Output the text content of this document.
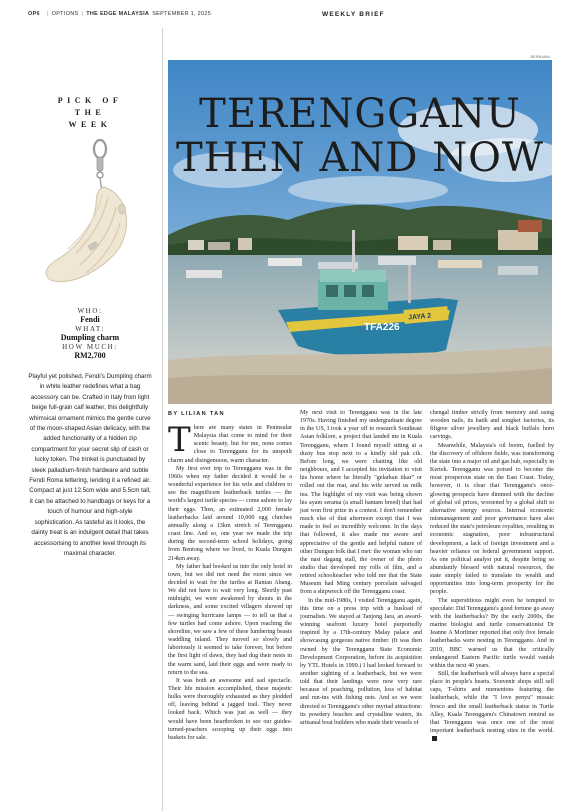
OP6 | OPTIONS | THE EDGE MALAYSIA SEPTEMBER 1, 2025	WEEKLY BRIEF
PICK OF
THE
WEEK
WHO:
Fendi
WHAT:
Dumpling charm
HOW MUCH:
RM2,700
Playful yet polished, Fendi's Dumpling charm in white leather redefines what a bag accessory can be. Crafted in Italy from light beige full-grain calf leather, this delightfully whimsical ornament mimics the gentle curve of the moon-shaped Asian delicacy, with the added functionality of a hidden zip compartment for your secret slip of cash or lucky token. The trinket is punctuated by sleek palladium-finish hardware and subtle Fendi Roma lettering, lending it a refined air. Compact at just 12.5cm wide and 5.5cm tall, it can be attached to handbags or keys for a touch of humour and high-style sophistication. As tasteful as it looks, the dainty treat is an indulgent detail that takes accessorising to another level through its maximal character.
BERNAMA
TFA226
JAYA 2
TERENGGANU
THEN AND NOW
BY LILIAN TAN

There are many states in Peninsular Malaysia that come to mind for their scenic beauty, but for me, none comes close to Terengganu for its unspoilt charm and disingenuous, warm character.

My first ever trip to Terengganu was in the 1960s when my father decided it would be a wonderful experience for his wife and children to see the magnificent leatherback turtles — the world's largest turtle species — come ashore to lay their eggs. Then, an estimated 2,000 female leatherbacks laid around 10,000 egg clutches annually along a 13km stretch of Terengganu coast line. And so, one year we made the trip during the second-term school holidays, going from Bentong where we lived, to Kuala Dungun 214km away.

My father had booked us into the only hotel in town, but we did not need the room since we decided to wait for the turtles at Rantau Abang. We did not have to wait very long. Shortly past midnight, we were awakened by shouts in the darkness, and some excited villagers showed up — swinging hurricane lamps — to tell us that a few turtles had come ashore. Upon reaching the shoreline, we saw a few of these lumbering beasts waddling inland. They moved so slowly and laboriously it seemed to take forever, but before the first light of dawn, they had dug their nests in the warm sand, laid their eggs and were ready to return to the sea.

It was both an awesome and sad spectacle. Their life mission accomplished, these majestic hulks were thoroughly exhausted as they plodded off, leaving behind a jagged trail. They never looked back. Which was just as well — they would have been heartbroken to see our guides-turned-poachers scooping up their eggs into baskets for sale.

My next visit to Terengganu was in the late 1970s. Having finished my undergraduate degree in the US, I took a year off to research Southeast Asian folklore, a project that landed me in Kuala Terengganu, where I found myself sitting at a dusty bus stop next to a kindly old pak cik. Before long, we were chatting like old neighbours, and I accepted his invitation to visit his home where he literally "gelarkan tikar" or rolled out the mat, and his wife served us milk tea. The highlight of my visit was being shown his ayam serama (a small bantam breed) that had just won first prize in a contest. I don't remember much else of that afternoon except that I was made to feel so incredibly welcome. In the days that followed, it also made me aware and appreciative of the gentle and helpful nature of other Dungun folk that I met: the woman who ran the nasi dagang stall, the owner of the photo studio that developed my rolls of film, and a retired schoolteacher who told me that the State Museum had Ming century porcelain salvaged from a shipwreck off the Terengganu coast.

In the mid-1980s, I visited Terengganu again, this time on a press trip with a busload of journalists. We stayed at Tanjong Jara, an award-winning seafront luxury hotel purportedly inspired by a 17th-century Malay palace and showcasing gorgeous native timber. (It was then owned by the Terengganu State Economic Development Corporation, before its acquisition by YTL Hotels in 1999.) I had looked forward to another sighting of a leatherback, but we were told that their landings were now very rare because of poaching, pollution, loss of habitat and run-ins with fishing nets. And so we were directed to Terengganu's other myriad attractions: its powdery beaches and crystalline waters, its artisanal boat builders who made their vessels of

chengal timber strictly from memory and using wooden nails, its batik and songket factories, its filigree silver jewellery and black buffalo horn carvings.

Meanwhile, Malaysia's oil boom, fuelled by the discovery of offshore fields, was transforming the state into a major oil and gas hub, especially in Kerteh. Terengganu was poised to become the most prosperous state on the East Coast. Today, however, it is clear that Terengganu's once-glowing prospects have dimmed with the decline of global oil prices, worsened by a global shift to alternative energy sources. Internal economic mismanagement and poor governance have also reduced the state's petroleum royalties, resulting in economic stagnation, poor infrastructural development, a lack of foreign investment and a heavier reliance on federal government support. As one political analyst put it, despite being so abundantly blessed with natural resources, the state simply failed to translate its wealth and opportunities into long-term prosperity for the people.

The superstitious might even be tempted to speculate: Did Terengganu's good fortune go away with the leatherbacks? By the early 2000s, the marine biologist and turtle conservationist Dr Jeanne A Mortimer reported that only five female leatherbacks were nesting in Terengganu. And in 2010, BBC warned us that the critically endangered Eastern Pacific turtle would vanish within the next 40 years.

Still, the leatherback will always have a special place in people's hearts. Souvenir shops still sell caps, T-shirts and mementoes featuring the leatherback, while the "I love penyu" mosaic fresco and the small leatherback statue in Turtle Alley, Kuala Terengganu's Chinatown remind us that Terengganu was once one of the most important leatherback nesting sites in the world.
